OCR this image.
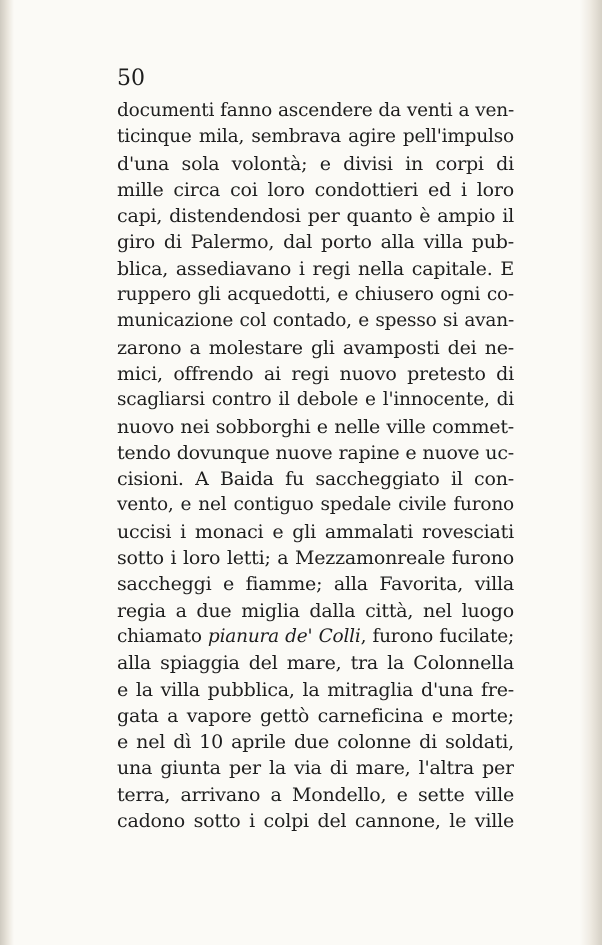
50

documenti fanno ascendere da venti a ven-
ticinque mila, sembrava agire pell'impulso
d'una sola volontà; e divisi in corpi di
mille circa coi loro condottieri ed i loro
capi, distendendosi per quanto è ampio il
giro di Palermo, dal porto alla villa pub-
blica, assediavano i regi nella capitale. E
ruppero gli acquedotti, e chiusero ogni co-
municazione col contado, e spesso si avan-
zarono a molestare gli avamposti dei ne-
mici, offrendo ai regi nuovo pretesto di
scagliarsi contro il debole e l'innocente, di
nuovo nei sobborghi e nelle ville commet-
tendo dovunque nuove rapine e nuove uc-
cisioni. A Baida fu saccheggiato il con-
vento, e nel contiguo spedale civile furono
uccisi i monaci e gli ammalati rovesciati
sotto i loro letti; a Mezzamonreale furono
saccheggi e fiamme; alla Favorita, villa
regia a due miglia dalla città, nel luogo
chiamato pianura de' Colli, furono fucilate;
alla spiaggia del mare, tra la Colonnella
e la villa pubblica, la mitraglia d'una fre-
gata a vapore gettò carneficina e morte;
e nel dì 10 aprile due colonne di soldati,
una giunta per la via di mare, l'altra per
terra, arrivano a Mondello, e sette ville
cadono sotto i colpi del cannone, le ville
